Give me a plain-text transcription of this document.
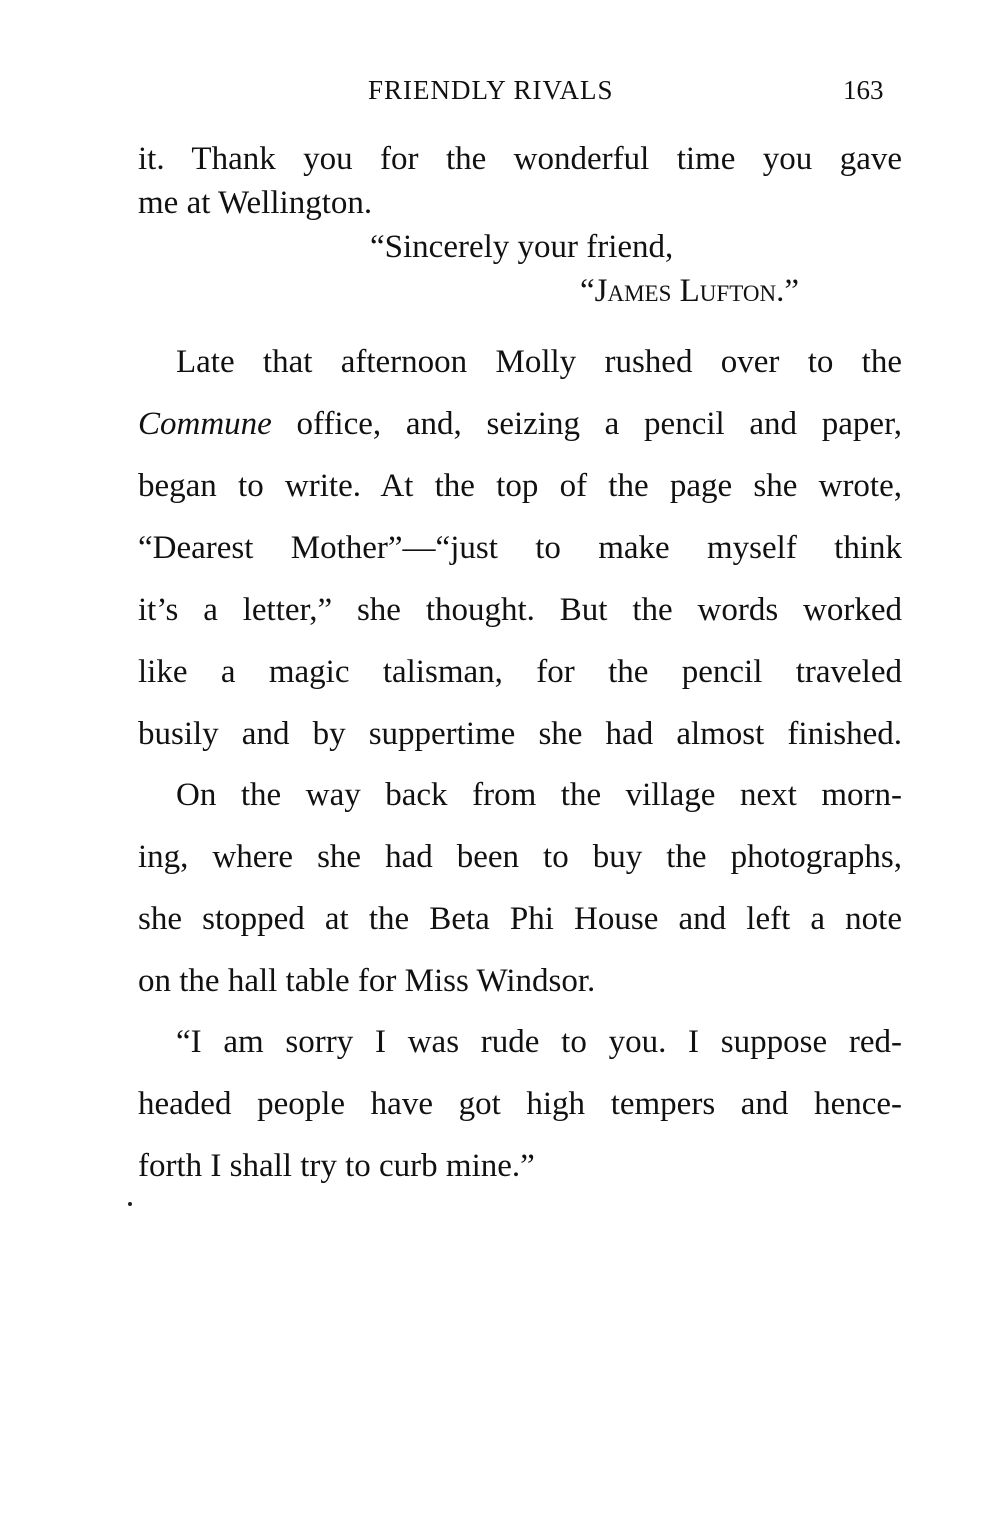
FRIENDLY RIVALS	163
it. Thank you for the wonderful time you gave
me at Wellington.
“Sincerely your friend,
“James Lufton.”
Late that afternoon Molly rushed over to the
Commune office, and, seizing a pencil and paper,
began to write. At the top of the page she wrote,
“Dearest Mother”—“just to make myself think
it’s a letter,” she thought. But the words worked
like a magic talisman, for the pencil traveled
busily and by suppertime she had almost finished.
On the way back from the village next morn-
ing, where she had been to buy the photographs,
she stopped at the Beta Phi House and left a note
on the hall table for Miss Windsor.
“I am sorry I was rude to you. I suppose red-
headed people have got high tempers and hence-
forth I shall try to curb mine.”
